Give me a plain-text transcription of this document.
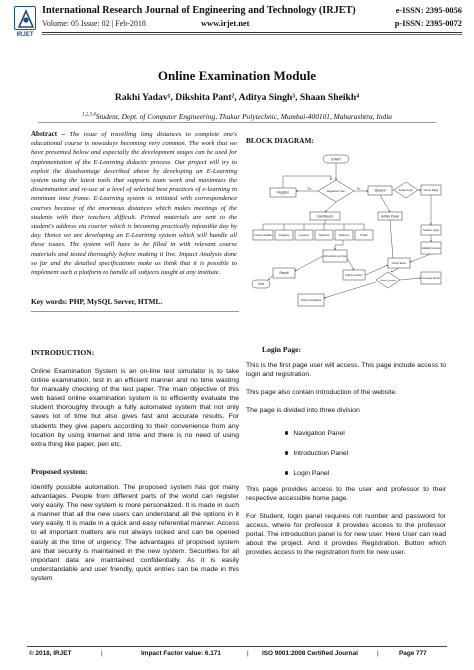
IRJET
International Research Journal of Engineering and Technology (IRJET)	e-ISSN: 2395-0056
Volume: 05 Issue: 02 | Feb-2018	www.irjet.net	p-ISSN: 2395-0072
Online Examination Module
Rakhi Yadav¹, Dikshita Pant², Aditya Singh³, Shaan Sheikh⁴
$^{1,2,3,4}$Student, Dept. of Computer Engineering, Thakur Polytechnic, Mumbai-400101, Maharashtra, India
Abstract – The issue of travelling long distances to complete one's educational course is nowadays becoming very common. The work that we have presented below and especially the development stages can be used for implementation of the E-Learning didactic process. Our project will try to exploit the disadvantage described above by developing an E-Learning system using the latest tools that supports team work and maximizes the dissemination and re-use at a level of selected best practices of e-learning in minimum time frame. E-Learning system is initiated with correspondence courses because of the enormous distances which makes meetings of the students with their teachers difficult. Printed materials are sent to the student's address via courier which is becoming practically infeasible day by day. Hence we are developing an E-Learning system which will handle all these issues. The system will have to be filled in with relevant course materials and tested thoroughly before making it live. Impact Analysis done so far and the detailed specifications make us think that it is possible to implement such a platform to handle all subjects taught at any institute.
Key words: PHP, MySQL Server, HTML.
INTRODUCTION:
Online Examination System is an on-line test simulator is to take online examination, test in an efficient manner and no time wasting for manually checking of the test paper. The main objective of this web based online examination system is to efficiently evaluate the student thoroughly through a fully automated system that not only saves lot of time but also gives fast and accurate results. For students they give papers according to their convenience from any location by using internet and time and there is no need of using extra thing like paper, pen etc.
Proposed system:
Identify possible automation. The proposed system has got many advantages. People from different parts of the world can register very easily. The new system is more personalized. It is made in such a manner that all the new users can understand all the options in it very easily. It is made in a quick and easy referential manner. Access to all important matters are not always locked and can be opened easily at the time of urgency. The advantages of proposed system are that security is maintained in the new system. Securities for all important data are maintained confidentially. As it is easily understandable and user friendly, quick entries can be made in this system
BLOCK DIAGRAM:
START
Register	Registered User	Student	Student Login	Home Page
Dashboard	Admin Panel
Course Details	Category	Lessons	Teachers	Students	Profile
Teacher Login
Add/Edit Courses
Online Exam and Quiz
Submit Answers
Check Exam
Result
Exit
Submit Question
Generate Result
Submit Feedback
Yes	No
Login Page:
This is the first page user will access. This page include access to login and registration.
This page also contain Introduction of the website.
The page is divided into three division
Navigation Panel
Introduction Panel
Login Panel
This page provides access to the user and professor to their respective accessible home page.
For Student, login panel requires roll number and password for access, where for professor it provides access to the professor portal. The introduction panel is for new user. Here User can read about the project. And it provides Registration. Button which provides access to the registration form for new user.
© 2018, IRJET	|	Impact Factor value: 6.171	| ISO 9001:2008 Certified Journal	|	Page 777
